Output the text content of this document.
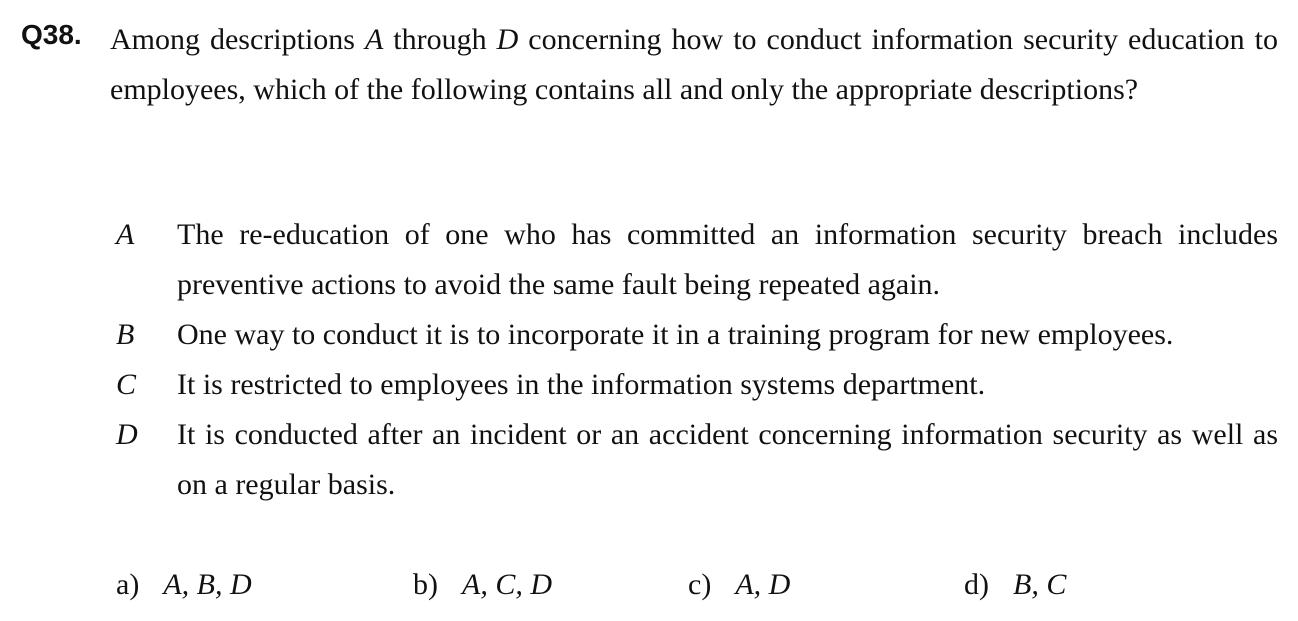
Q38. Among descriptions A through D concerning how to conduct information security education to employees, which of the following contains all and only the appropriate descriptions?
A The re-education of one who has committed an information security breach includes preventive actions to avoid the same fault being repeated again.
B One way to conduct it is to incorporate it in a training program for new employees.
C It is restricted to employees in the information systems department.
D It is conducted after an incident or an accident concerning information security as well as on a regular basis.
a) A, B, D	b) A, C, D	c) A, D	d) B, C
